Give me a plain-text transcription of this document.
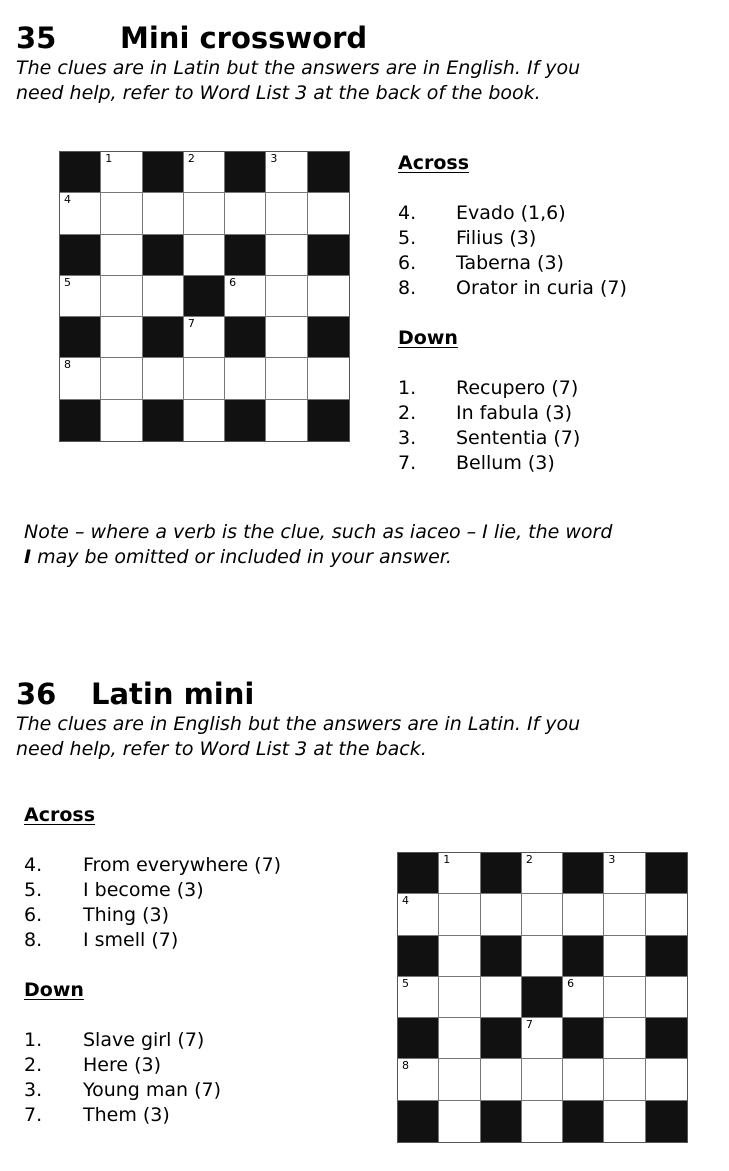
35 Mini crossword
The clues are in Latin but the answers are in English. If you
need help, refer to Word List 3 at the back of the book.
1	2	3
4
5	6
7
8
Across
4.	Evado (1,6)
5.	Filius (3)
6.	Taberna (3)
8.	Orator in curia (7)
Down
1.	Recupero (7)
2.	In fabula (3)
3.	Sententia (7)
7.	Bellum (3)
Note – where a verb is the clue, such as iaceo – I lie, the word
I may be omitted or included in your answer.
36 Latin mini
The clues are in English but the answers are in Latin. If you
need help, refer to Word List 3 at the back.
Across
4.	From everywhere (7)
5.	I become (3)
6.	Thing (3)
8.	I smell (7)
Down
1.	Slave girl (7)
2.	Here (3)
3.	Young man (7)
7.	Them (3)
1	2	3
4
5	6
7
8
